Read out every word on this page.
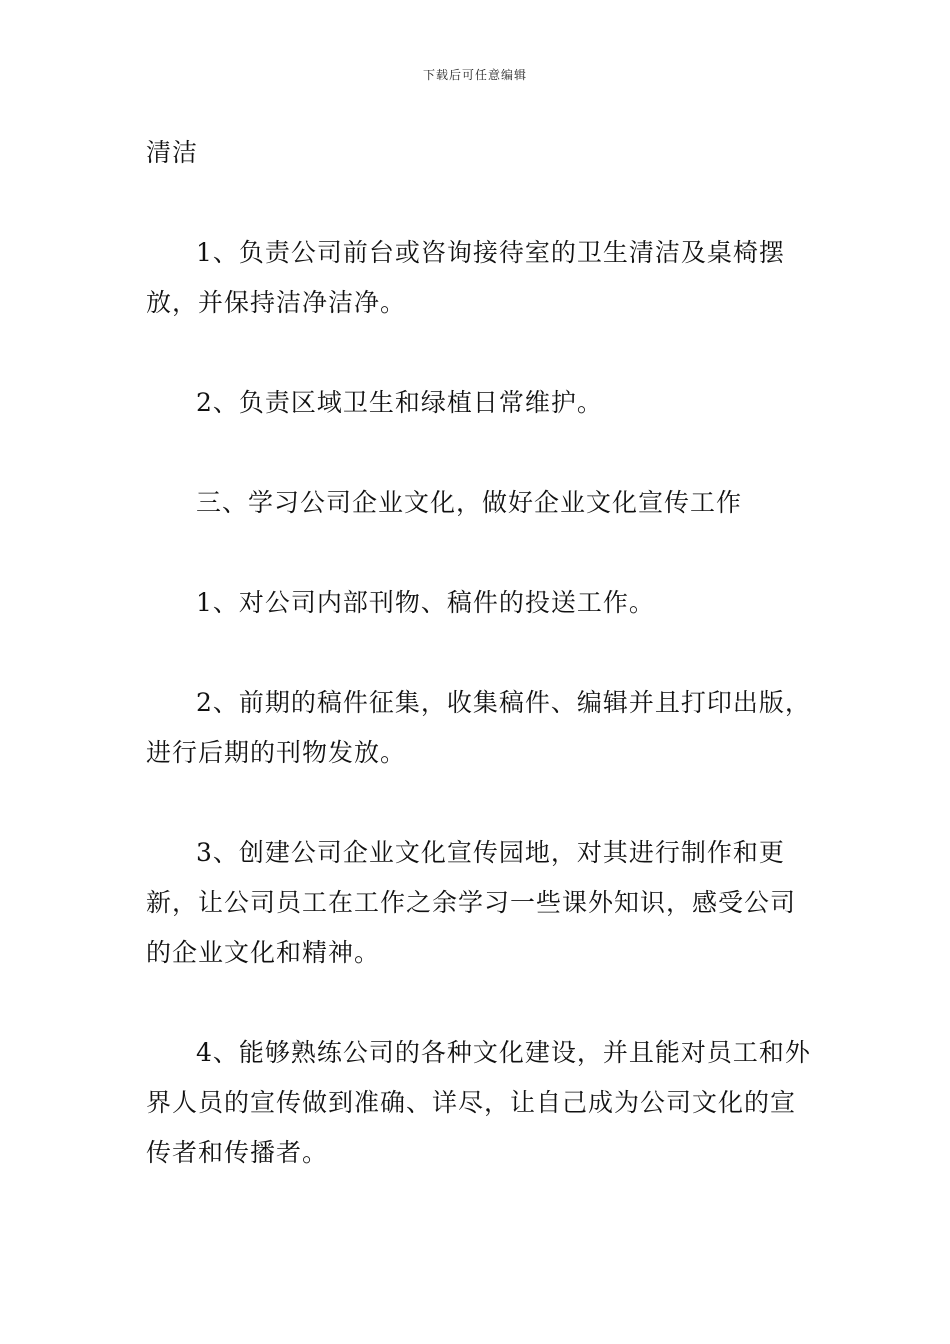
下载后可任意编辑

清洁

1、负责公司前台或咨询接待室的卫生清洁及桌椅摆放，并保持洁净洁净。

2、负责区域卫生和绿植日常维护。

三、学习公司企业文化，做好企业文化宣传工作

1、对公司内部刊物、稿件的投送工作。

2、前期的稿件征集，收集稿件、编辑并且打印出版，进行后期的刊物发放。

3、创建公司企业文化宣传园地，对其进行制作和更新，让公司员工在工作之余学习一些课外知识，感受公司的企业文化和精神。

4、能够熟练公司的各种文化建设，并且能对员工和外界人员的宣传做到准确、详尽，让自己成为公司文化的宣传者和传播者。
